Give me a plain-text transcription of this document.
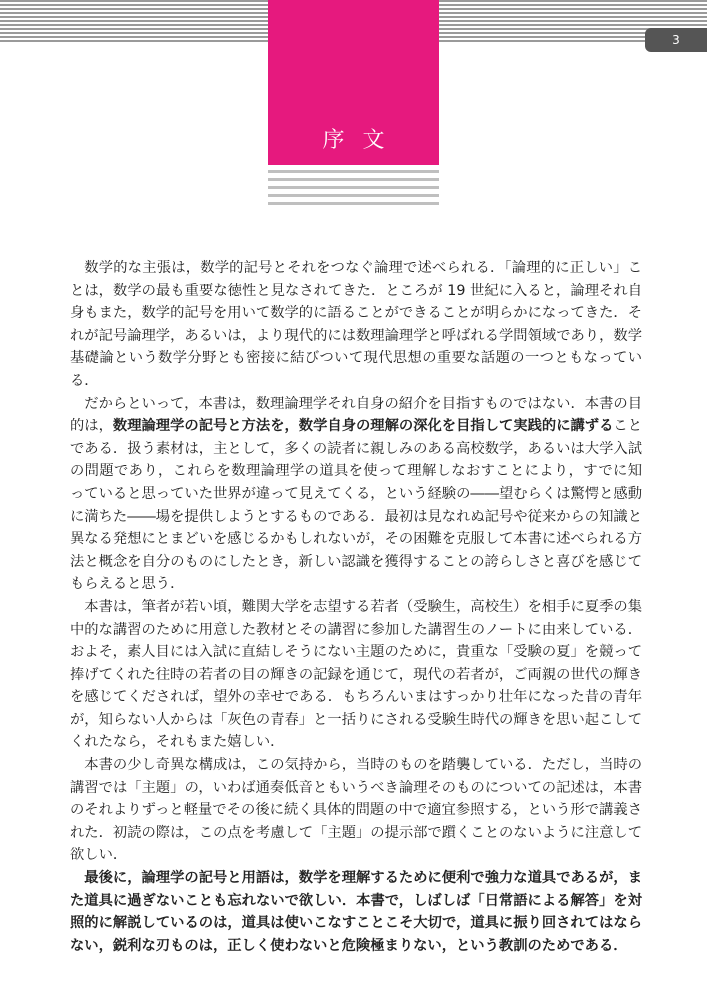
3
序文

数学的な主張は，数学的記号とそれをつなぐ論理で述べられる．「論理的に正しい」ことは，数学の最も重要な徳性と見なされてきた．ところが 19 世紀に入ると，論理それ自身もまた，数学的記号を用いて数学的に語ることができることが明らかになってきた．それが記号論理学，あるいは，より現代的には数理論理学と呼ばれる学問領域であり，数学基礎論という数学分野とも密接に結びついて現代思想の重要な話題の一つともなっている．

だからといって，本書は，数理論理学それ自身の紹介を目指すものではない．本書の目的は，数理論理学の記号と方法を，数学自身の理解の深化を目指して実践的に講ずることである．扱う素材は，主として，多くの読者に親しみのある高校数学，あるいは大学入試の問題であり，これらを数理論理学の道具を使って理解しなおすことにより，すでに知っていると思っていた世界が違って見えてくる，という経験の――望むらくは驚愕と感動に満ちた――場を提供しようとするものである．最初は見なれぬ記号や従来からの知識と異なる発想にとまどいを感じるかもしれないが，その困難を克服して本書に述べられる方法と概念を自分のものにしたとき，新しい認識を獲得することの誇らしさと喜びを感じてもらえると思う．

本書は，筆者が若い頃，難関大学を志望する若者（受験生，高校生）を相手に夏季の集中的な講習のために用意した教材とその講習に参加した講習生のノートに由来している．およそ，素人目には入試に直結しそうにない主題のために，貴重な「受験の夏」を競って捧げてくれた往時の若者の目の輝きの記録を通じて，現代の若者が，ご両親の世代の輝きを感じてくだされば，望外の幸せである．もちろんいまはすっかり壮年になった昔の青年が，知らない人からは「灰色の青春」と一括りにされる受験生時代の輝きを思い起こしてくれたなら，それもまた嬉しい．

本書の少し奇異な構成は，この気持から，当時のものを踏襲している．ただし，当時の講習では「主題」の，いわば通奏低音ともいうべき論理そのものについての記述は，本書のそれよりずっと軽量でその後に続く具体的問題の中で適宜参照する，という形で講義された．初読の際は，この点を考慮して「主題」の提示部で躓くことのないように注意して欲しい．

最後に，論理学の記号と用語は，数学を理解するために便利で強力な道具であるが，また道具に過ぎないことも忘れないで欲しい．本書で，しばしば「日常語による解答」を対照的に解説しているのは，道具は使いこなすことこそ大切で，道具に振り回されてはならない，鋭利な刃ものは，正しく使わないと危険極まりない，という教訓のためである．
